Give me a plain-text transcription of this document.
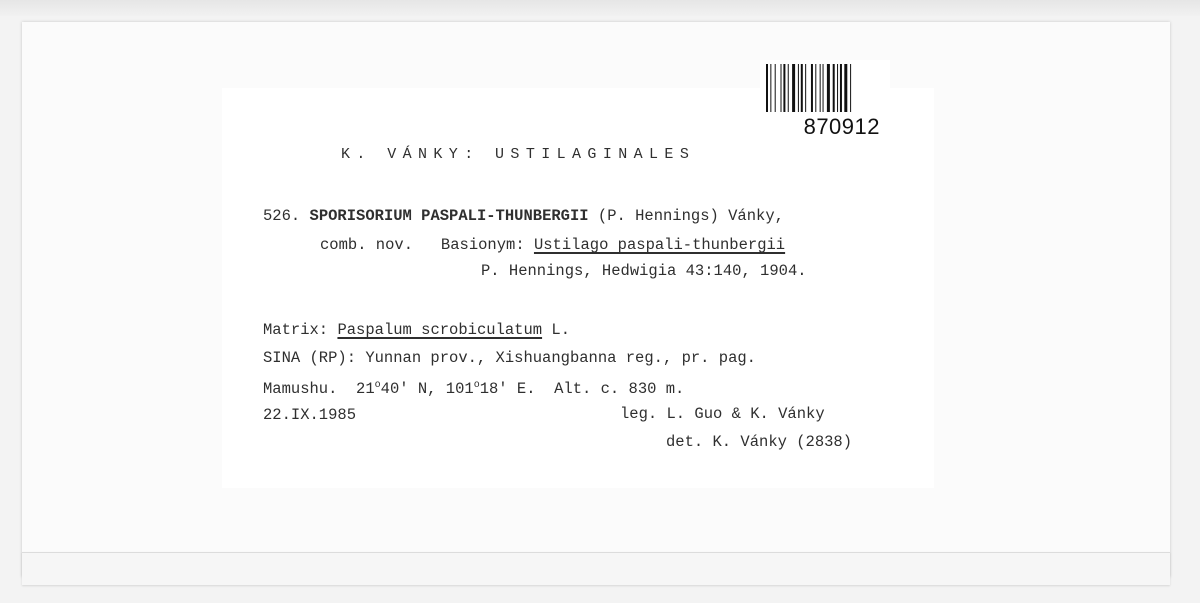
870912
K. VÁNKY: USTILAGINALES
526. SPORISORIUM PASPALI-THUNBERGII (P. Hennings) Vánky,
comb. nov. Basionym: Ustilago paspali-thunbergii
P. Hennings, Hedwigia 43:140, 1904.
Matrix: Paspalum scrobiculatum L.
SINA (RP): Yunnan prov., Xishuangbanna reg., pr. pag.
Mamushu. 21$^o$40' N, 101$^o$18' E. Alt. c. 830 m.
22.IX.1985	leg. L. Guo & K. Vánky
det. K. Vánky (2838)
